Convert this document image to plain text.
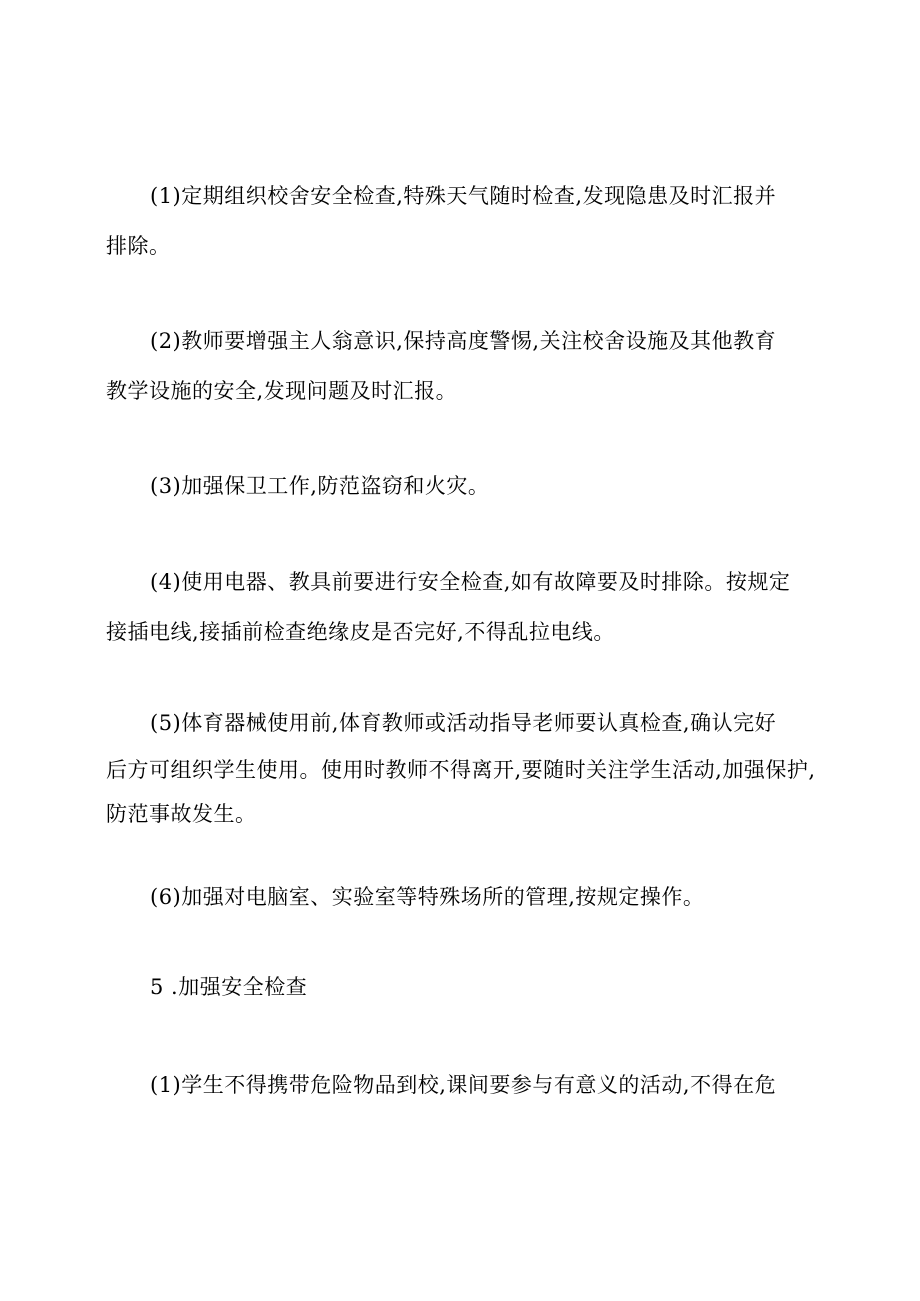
(1)定期组织校舍安全检查,特殊天气随时检查,发现隐患及时汇报并
排除。

(2)教师要增强主人翁意识,保持高度警惕,关注校舍设施及其他教育
教学设施的安全,发现问题及时汇报。

(3)加强保卫工作,防范盗窃和火灾。

(4)使用电器、教具前要进行安全检查,如有故障要及时排除。按规定
接插电线,接插前检查绝缘皮是否完好,不得乱拉电线。

(5)体育器械使用前,体育教师或活动指导老师要认真检查,确认完好
后方可组织学生使用。使用时教师不得离开,要随时关注学生活动,加强保护,
防范事故发生。

(6)加强对电脑室、实验室等特殊场所的管理,按规定操作。

5 .加强安全检查

(1)学生不得携带危险物品到校,课间要参与有意义的活动,不得在危
